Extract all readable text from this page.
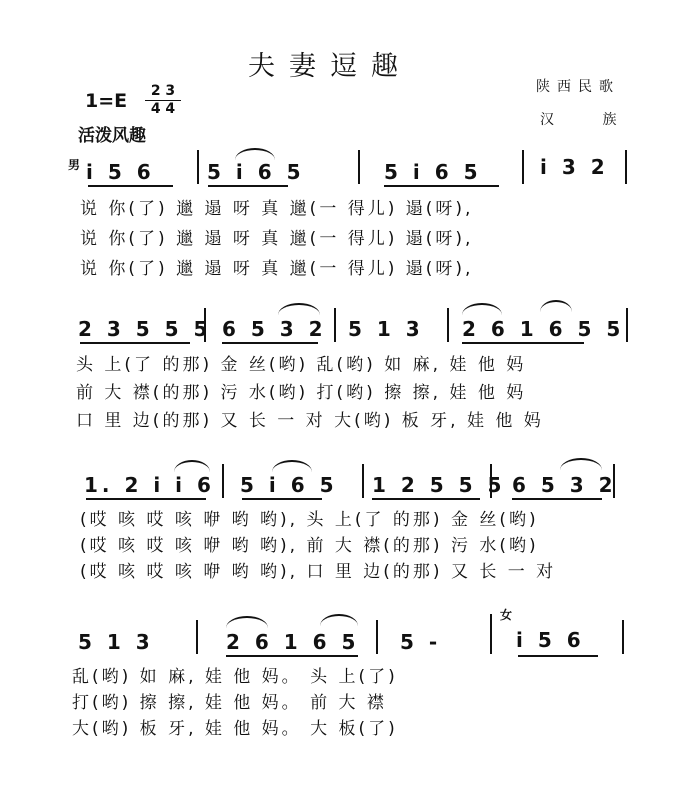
夫妻逗趣
陕西民歌
汉 族
1=E	2 3
4 4
活泼风趣
男 i 5 6	5 i 6 5	5 i 6 5	i 3 2
说 你(了) 邋 遢 呀 真 邋(一 得儿) 遢(呀),
说 你(了) 邋 遢 呀 真 邋(一 得儿) 遢(呀),
说 你(了) 邋 遢 呀 真 邋(一 得儿) 遢(呀),
2 3 5 5 5 6 5 3 2 5 1 3 2 6 1 6 5 5
头 上(了 的那) 金 丝(哟) 乱(哟) 如 麻, 娃 他 妈
前 大 襟(的那) 污 水(哟) 打(哟) 擦 擦, 娃 他 妈
口 里 边(的那) 又 长 一 对 大(哟) 板 牙, 娃 他 妈
1. 2 i i 6 5 i 6 5 1 2 5 5 5 6 5 3 2
(哎 咳 哎 咳 咿 哟 哟), 头 上(了 的那) 金 丝(哟)
(哎 咳 哎 咳 咿 哟 哟), 前 大 襟(的那) 污 水(哟)
(哎 咳 哎 咳 咿 哟 哟), 口 里 边(的那) 又 长 一 对
5 1 3	2 6 1 6 5 5 -
女
i 5 6
乱(哟) 如 麻, 娃 他 妈。 头 上(了)
打(哟) 擦 擦, 娃 他 妈。 前 大 襟
大(哟) 板 牙, 娃 他 妈。 大 板(了)
